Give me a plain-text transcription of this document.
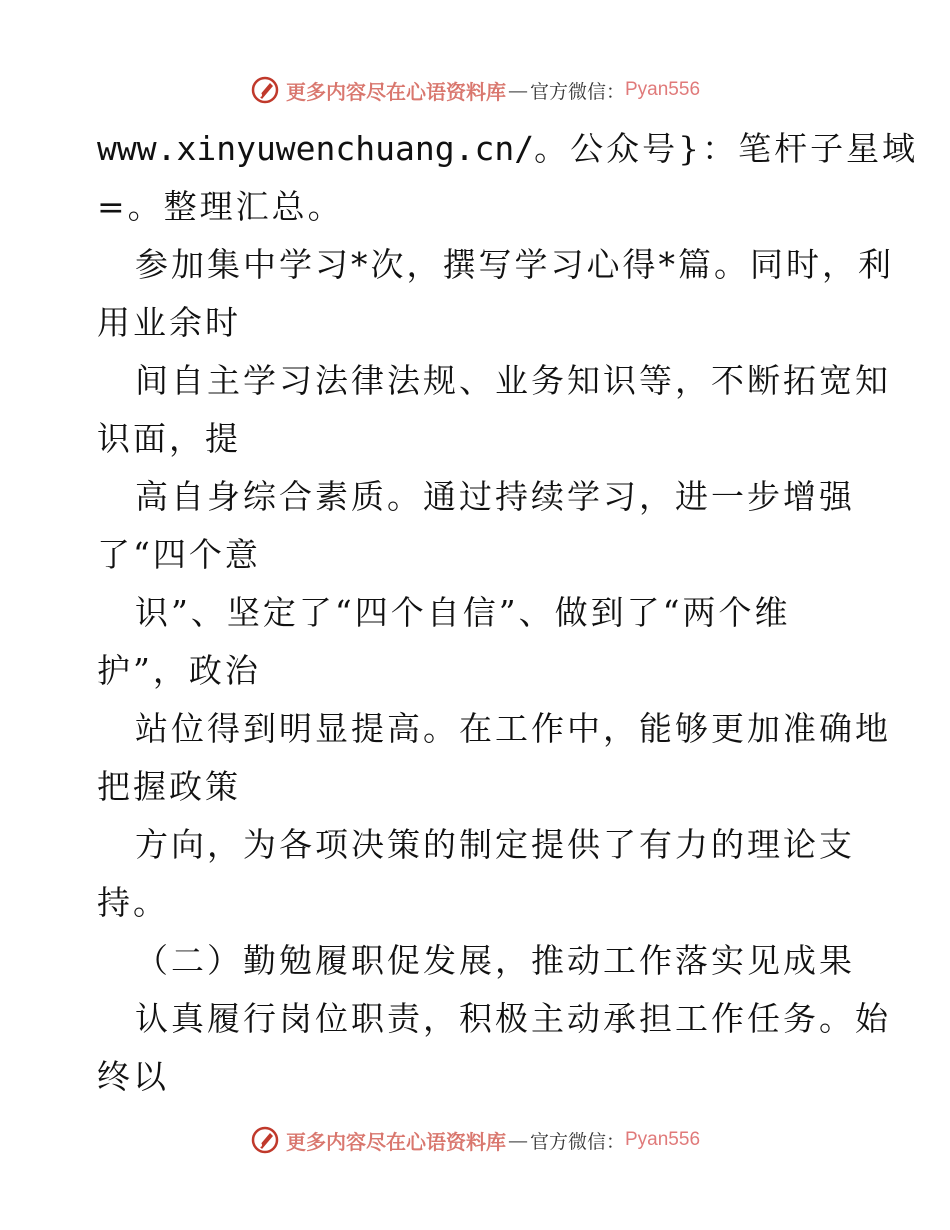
更多内容尽在心语资料库 — 官方微信： Pyan556
www.xinyuwenchuang.cn/。公众号}：笔杆子星域
=。整理汇总。
参加集中学习*次，撰写学习心得*篇。同时，利
用业余时
间自主学习法律法规、业务知识等，不断拓宽知
识面，提
高自身综合素质。通过持续学习，进一步增强
了“四个意
识”、坚定了“四个自信”、做到了“两个维
护”，政治
站位得到明显提高。在工作中，能够更加准确地
把握政策
方向，为各项决策的制定提供了有力的理论支
持。
（二）勤勉履职促发展，推动工作落实见成果
认真履行岗位职责，积极主动承担工作任务。始
终以
更多内容尽在心语资料库 — 官方微信： Pyan556
